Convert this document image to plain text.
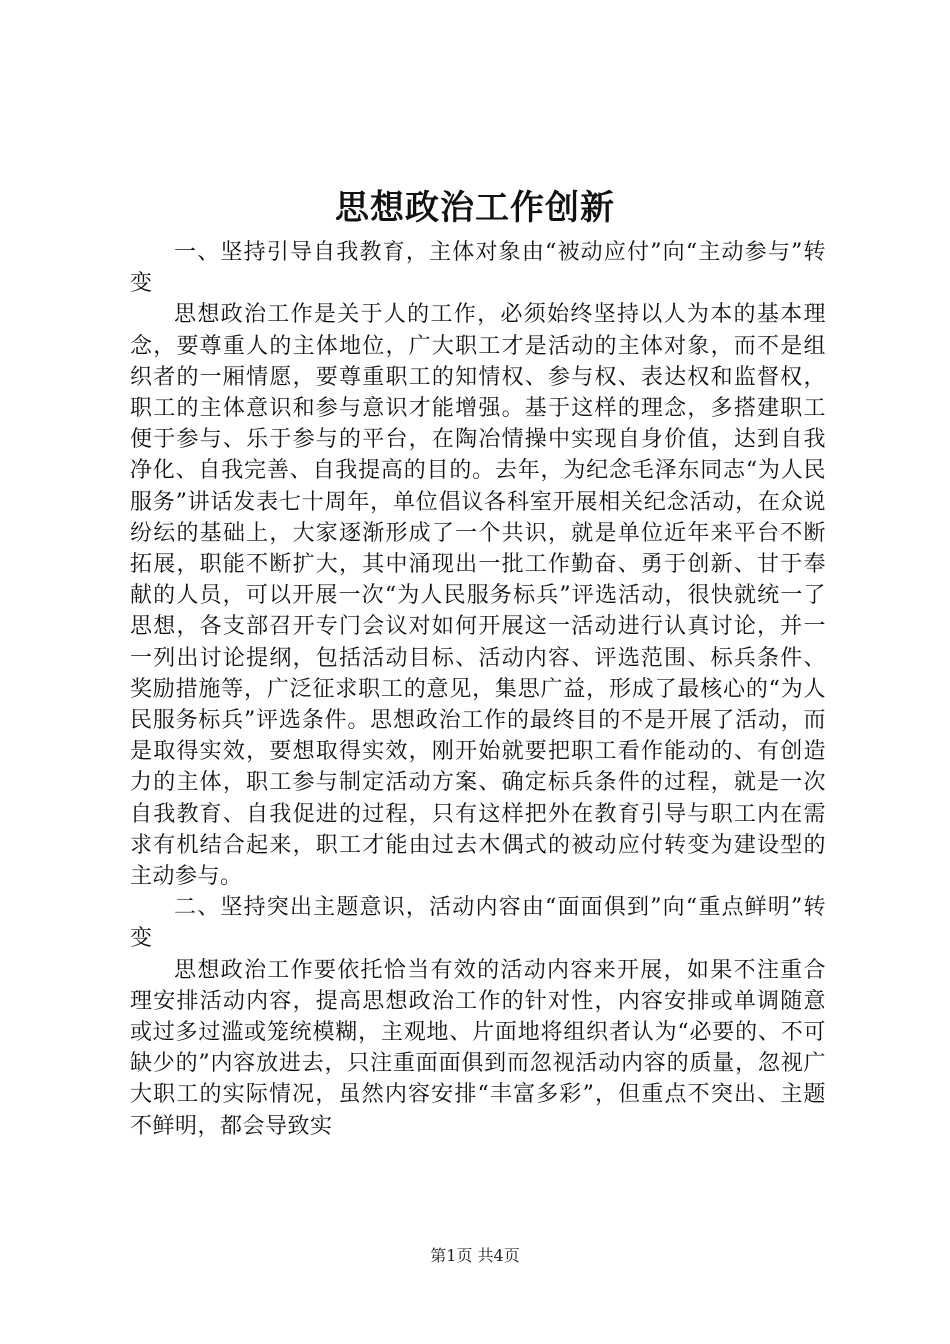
思想政治工作创新

一、坚持引导自我教育，主体对象由“被动应付”向“主动参与”转变

思想政治工作是关于人的工作，必须始终坚持以人为本的基本理念，要尊重人的主体地位，广大职工才是活动的主体对象，而不是组织者的一厢情愿，要尊重职工的知情权、参与权、表达权和监督权，职工的主体意识和参与意识才能增强。基于这样的理念，多搭建职工便于参与、乐于参与的平台，在陶冶情操中实现自身价值，达到自我净化、自我完善、自我提高的目的。去年，为纪念毛泽东同志“为人民服务”讲话发表七十周年，单位倡议各科室开展相关纪念活动，在众说纷纭的基础上，大家逐渐形成了一个共识，就是单位近年来平台不断拓展，职能不断扩大，其中涌现出一批工作勤奋、勇于创新、甘于奉献的人员，可以开展一次“为人民服务标兵”评选活动，很快就统一了思想，各支部召开专门会议对如何开展这一活动进行认真讨论，并一一列出讨论提纲，包括活动目标、活动内容、评选范围、标兵条件、奖励措施等，广泛征求职工的意见，集思广益，形成了最核心的“为人民服务标兵”评选条件。思想政治工作的最终目的不是开展了活动，而是取得实效，要想取得实效，刚开始就要把职工看作能动的、有创造力的主体，职工参与制定活动方案、确定标兵条件的过程，就是一次自我教育、自我促进的过程，只有这样把外在教育引导与职工内在需求有机结合起来，职工才能由过去木偶式的被动应付转变为建设型的主动参与。

二、坚持突出主题意识，活动内容由“面面俱到”向“重点鲜明”转变

思想政治工作要依托恰当有效的活动内容来开展，如果不注重合理安排活动内容，提高思想政治工作的针对性，内容安排或单调随意或过多过滥或笼统模糊，主观地、片面地将组织者认为“必要的、不可缺少的”内容放进去，只注重面面俱到而忽视活动内容的质量，忽视广大职工的实际情况，虽然内容安排“丰富多彩”，但重点不突出、主题不鲜明，都会导致实

第1页 共4页
